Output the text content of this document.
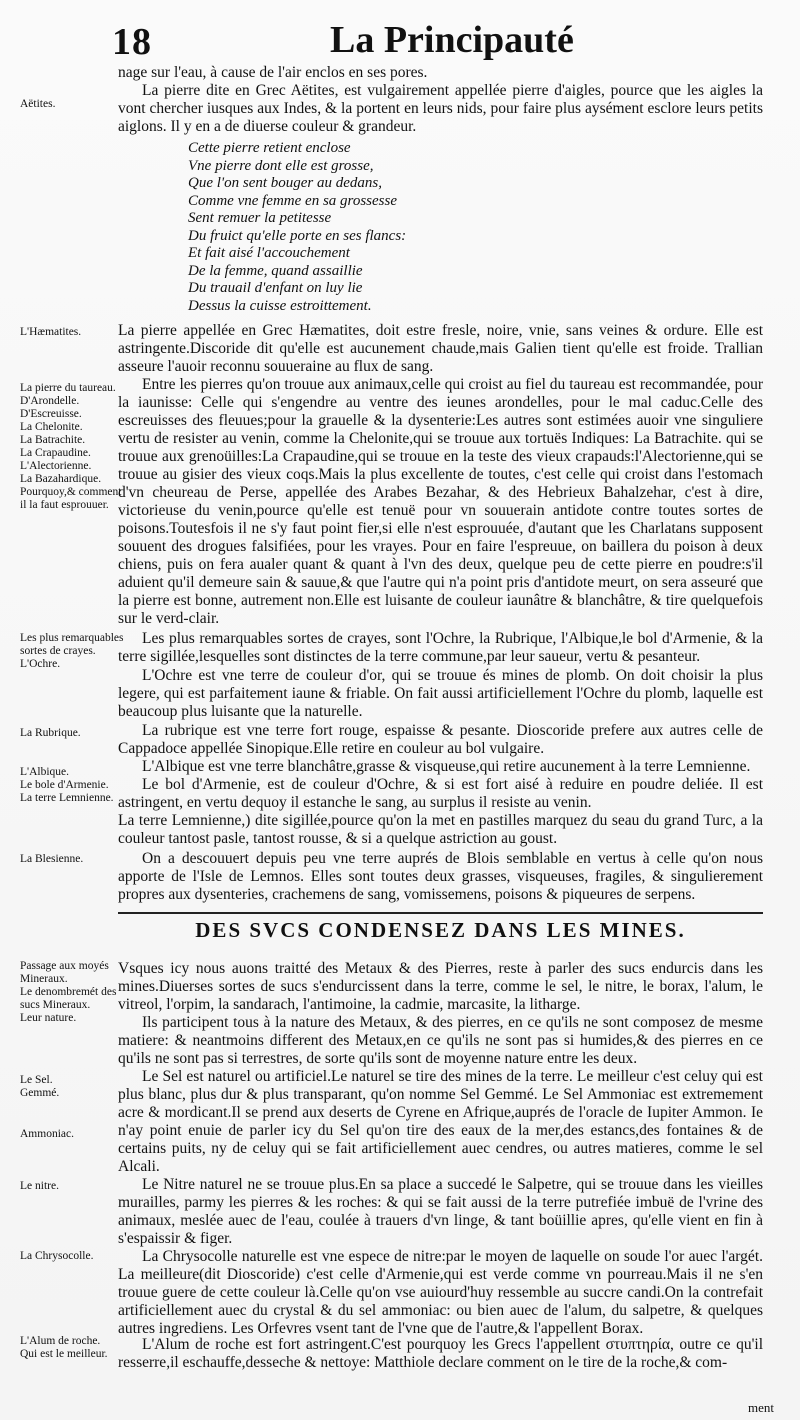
18	La Principauté
Aëtites.
L'Hæmatites.
La pierre du taureau.
D'Arondelle.
D'Escreuisse.
La Chelonite.
La Batrachite.
La Crapaudine.
L'Alectorienne.
La Bazahardique.
Pourquoy,& comment il la faut esprouuer.
Les plus remarquables sortes de crayes.
L'Ochre.
La Rubrique.
L'Albique.
Le bole d'Armenie.
La terre Lemnienne.
La Blesienne.
Passage aux moyés Mineraux.
Le denombremét des sucs Mineraux.
Leur nature.
Le Sel.
Gemmé.
Ammoniac.
Le nitre.
La Chrysocolle.
L'Alum de roche.
Qui est le meilleur.
nage sur l'eau, à cause de l'air enclos en ses pores.
La pierre dite en Grec Aëtites, est vulgairement appellée pierre d'aigles, pource que les aigles la vont chercher iusques aux Indes, & la portent en leurs nids, pour faire plus aysément esclore leurs petits aiglons. Il y en a de diuerse couleur & grandeur.
Cette pierre retient enclose
Vne pierre dont elle est grosse,
Que l'on sent bouger au dedans,
Comme vne femme en sa grossesse
Sent remuer la petitesse
Du fruict qu'elle porte en ses flancs:
Et fait aisé l'accouchement
De la femme, quand assaillie
Du trauail d'enfant on luy lie
Dessus la cuisse estroittement.
La pierre appellée en Grec Hæmatites, doit estre fresle, noire, vnie, sans veines & ordure. Elle est astringente.Discoride dit qu'elle est aucunement chaude,mais Galien tient qu'elle est froide. Trallian asseure l'auoir reconnu souueraine au flux de sang.
Entre les pierres qu'on trouue aux animaux,celle qui croist au fiel du taureau est recommandée, pour la iaunisse: Celle qui s'engendre au ventre des ieunes arondelles, pour le mal caduc.Celle des escreuisses des fleuues;pour la grauelle & la dysenterie:Les autres sont estimées auoir vne singuliere vertu de resister au venin, comme la Chelonite,qui se trouue aux tortuës Indiques: La Batrachite. qui se trouue aux grenoüilles:La Crapaudine,qui se trouue en la teste des vieux crapauds:l'Alectorienne,qui se trouue au gisier des vieux coqs.Mais la plus excellente de toutes, c'est celle qui croist dans l'estomach d'vn cheureau de Perse, appellée des Arabes Bezahar, & des Hebrieux Bahalzehar, c'est à dire, victorieuse du venin,pource qu'elle est tenuë pour vn souuerain antidote contre toutes sortes de poisons.Toutesfois il ne s'y faut point fier,si elle n'est esprouuée, d'autant que les Charlatans supposent souuent des drogues falsifiées, pour les vrayes. Pour en faire l'espreuue, on baillera du poison à deux chiens, puis on fera aualer quant & quant à l'vn des deux, quelque peu de cette pierre en poudre:s'il aduient qu'il demeure sain & sauue,& que l'autre qui n'a point pris d'antidote meurt, on sera asseuré que la pierre est bonne, autrement non.Elle est luisante de couleur iaunâtre & blanchâtre, & tire quelquefois sur le verd-clair.
Les plus remarquables sortes de crayes, sont l'Ochre, la Rubrique, l'Albique,le bol d'Armenie, & la terre sigillée,lesquelles sont distinctes de la terre commune,par leur saueur, vertu & pesanteur.
L'Ochre est vne terre de couleur d'or, qui se trouue és mines de plomb. On doit choisir la plus legere, qui est parfaitement iaune & friable. On fait aussi artificiellement l'Ochre du plomb, laquelle est beaucoup plus luisante que la naturelle.
La rubrique est vne terre fort rouge, espaisse & pesante. Dioscoride prefere aux autres celle de Cappadoce appellée Sinopique.Elle retire en couleur au bol vulgaire.
L'Albique est vne terre blanchâtre,grasse & visqueuse,qui retire aucunement à la terre Lemnienne.
Le bol d'Armenie, est de couleur d'Ochre, & si est fort aisé à reduire en poudre deliée. Il est astringent, en vertu dequoy il estanche le sang, au surplus il resiste au venin.
La terre Lemnienne,) dite sigillée,pource qu'on la met en pastilles marquez du seau du grand Turc, a la couleur tantost pasle, tantost rousse, & si a quelque astriction au goust.
On a descouuert depuis peu vne terre auprés de Blois semblable en vertus à celle qu'on nous apporte de l'Isle de Lemnos. Elles sont toutes deux grasses, visqueuses, fragiles, & singulierement propres aux dysenteries, crachemens de sang, vomissemens, poisons & piqueures de serpens.
DES SVCS CONDENSEZ DANS LES MINES.
Vsques icy nous auons traitté des Metaux & des Pierres, reste à parler des sucs endurcis dans les mines.Diuerses sortes de sucs s'endurcissent dans la terre, comme le sel, le nitre, le borax, l'alum, le vitreol, l'orpim, la sandarach, l'antimoine, la cadmie, marcasite, la litharge.
Ils participent tous à la nature des Metaux, & des pierres, en ce qu'ils ne sont composez de mesme matiere: & neantmoins different des Metaux,en ce qu'ils ne sont pas si humides,& des pierres en ce qu'ils ne sont pas si terrestres, de sorte qu'ils sont de moyenne nature entre les deux.
Le Sel est naturel ou artificiel.Le naturel se tire des mines de la terre. Le meilleur c'est celuy qui est plus blanc, plus dur & plus transparant, qu'on nomme Sel Gemmé. Le Sel Ammoniac est extremement acre & mordicant.Il se prend aux deserts de Cyrene en Afrique,auprés de l'oracle de Iupiter Ammon. Ie n'ay point enuie de parler icy du Sel qu'on tire des eaux de la mer,des estancs,des fontaines & de certains puits, ny de celuy qui se fait artificiellement auec cendres, ou autres matieres, comme le sel Alcali.
Le Nitre naturel ne se trouue plus.En sa place a succedé le Salpetre, qui se trouue dans les vieilles murailles, parmy les pierres & les roches: & qui se fait aussi de la terre putrefiée imbuë de l'vrine des animaux, meslée auec de l'eau, coulée à trauers d'vn linge, & tant boüillie apres, qu'elle vient en fin à s'espaissir & figer.
La Chrysocolle naturelle est vne espece de nitre:par le moyen de laquelle on soude l'or auec l'argét. La meilleure(dit Dioscoride) c'est celle d'Armenie,qui est verde comme vn pourreau.Mais il ne s'en trouue guere de cette couleur là.Celle qu'on vse auiourd'huy ressemble au succre candi.On la contrefait artificiellement auec du crystal & du sel ammoniac: ou bien auec de l'alum, du salpetre, & quelques autres ingrediens. Les Orfevres vsent tant de l'vne que de l'autre,& l'appellent Borax.
L'Alum de roche est fort astringent.C'est pourquoy les Grecs l'appellent στυπτηρία, outre ce qu'il resserre,il eschauffe,desseche & nettoye: Matthiole declare comment on le tire de la roche,& com-
ment
